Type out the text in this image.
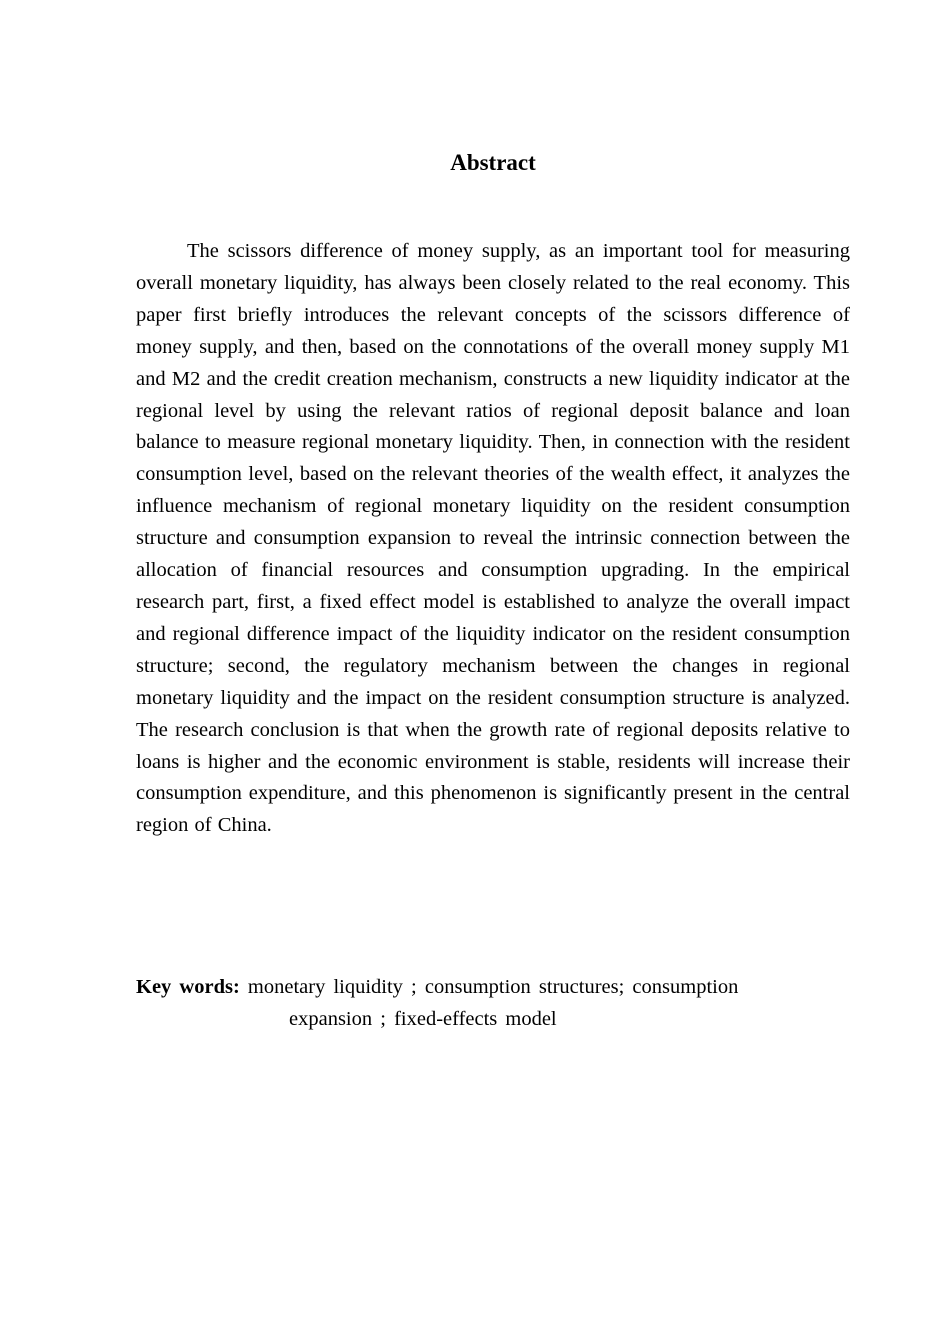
Abstract

The scissors difference of money supply, as an important tool for measuring overall monetary liquidity, has always been closely related to the real economy. This paper first briefly introduces the relevant concepts of the scissors difference of money supply, and then, based on the connotations of the overall money supply M1 and M2 and the credit creation mechanism, constructs a new liquidity indicator at the regional level by using the relevant ratios of regional deposit balance and loan balance to measure regional monetary liquidity. Then, in connection with the resident consumption level, based on the relevant theories of the wealth effect, it analyzes the influence mechanism of regional monetary liquidity on the resident consumption structure and consumption expansion to reveal the intrinsic connection between the allocation of financial resources and consumption upgrading. In the empirical research part, first, a fixed effect model is established to analyze the overall impact and regional difference impact of the liquidity indicator on the resident consumption structure; second, the regulatory mechanism between the changes in regional monetary liquidity and the impact on the resident consumption structure is analyzed. The research conclusion is that when the growth rate of regional deposits relative to loans is higher and the economic environment is stable, residents will increase their consumption expenditure, and this phenomenon is significantly present in the central region of China.

Key words: monetary liquidity ; consumption structures; consumption
expansion ; fixed-effects model
